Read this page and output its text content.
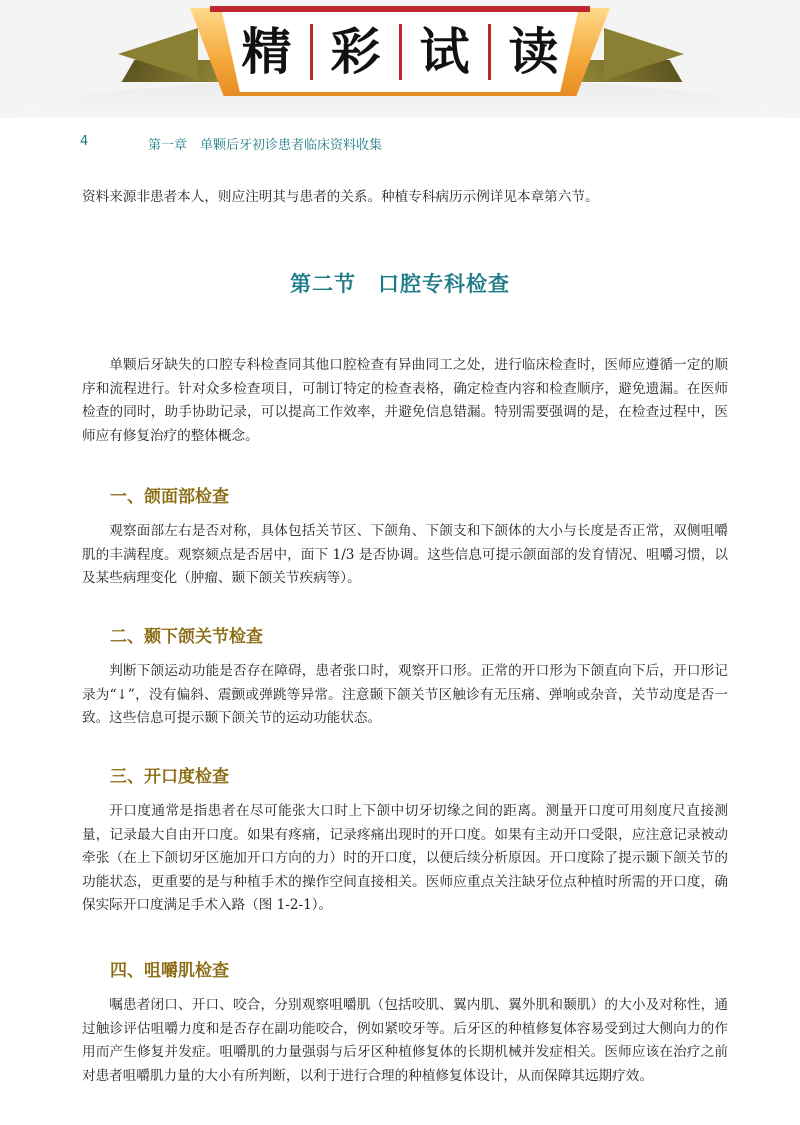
精 彩 试 读
4	第一章　单颗后牙初诊患者临床资料收集

资料来源非患者本人，则应注明其与患者的关系。种植专科病历示例详见本章第六节。

第二节　口腔专科检查

单颗后牙缺失的口腔专科检查同其他口腔检查有异曲同工之处，进行临床检查时，医师应遵循一定的顺序和流程进行。针对众多检查项目，可制订特定的检查表格，确定检查内容和检查顺序，避免遗漏。在医师检查的同时，助手协助记录，可以提高工作效率，并避免信息错漏。特别需要强调的是，在检查过程中，医师应有修复治疗的整体概念。

一、颌面部检查

观察面部左右是否对称，具体包括关节区、下颌角、下颌支和下颌体的大小与长度是否正常，双侧咀嚼肌的丰满程度。观察颏点是否居中，面下 1/3 是否协调。这些信息可提示颌面部的发育情况、咀嚼习惯，以及某些病理变化（肿瘤、颞下颌关节疾病等）。

二、颞下颌关节检查

判断下颌运动功能是否存在障碍，患者张口时，观察开口形。正常的开口形为下颌直向下后，开口形记录为“↓”，没有偏斜、震颤或弹跳等异常。注意颞下颌关节区触诊有无压痛、弹响或杂音，关节动度是否一致。这些信息可提示颞下颌关节的运动功能状态。

三、开口度检查

开口度通常是指患者在尽可能张大口时上下颌中切牙切缘之间的距离。测量开口度可用刻度尺直接测量，记录最大自由开口度。如果有疼痛，记录疼痛出现时的开口度。如果有主动开口受限，应注意记录被动牵张（在上下颌切牙区施加开口方向的力）时的开口度，以便后续分析原因。开口度除了提示颞下颌关节的功能状态，更重要的是与种植手术的操作空间直接相关。医师应重点关注缺牙位点种植时所需的开口度，确保实际开口度满足手术入路（图 1-2-1）。

四、咀嚼肌检查

嘱患者闭口、开口、咬合，分别观察咀嚼肌（包括咬肌、翼内肌、翼外肌和颞肌）的大小及对称性，通过触诊评估咀嚼力度和是否存在副功能咬合，例如紧咬牙等。后牙区的种植修复体容易受到过大侧向力的作用而产生修复并发症。咀嚼肌的力量强弱与后牙区种植修复体的长期机械并发症相关。医师应该在治疗之前对患者咀嚼肌力量的大小有所判断，以利于进行合理的种植修复体设计，从而保障其远期疗效。
